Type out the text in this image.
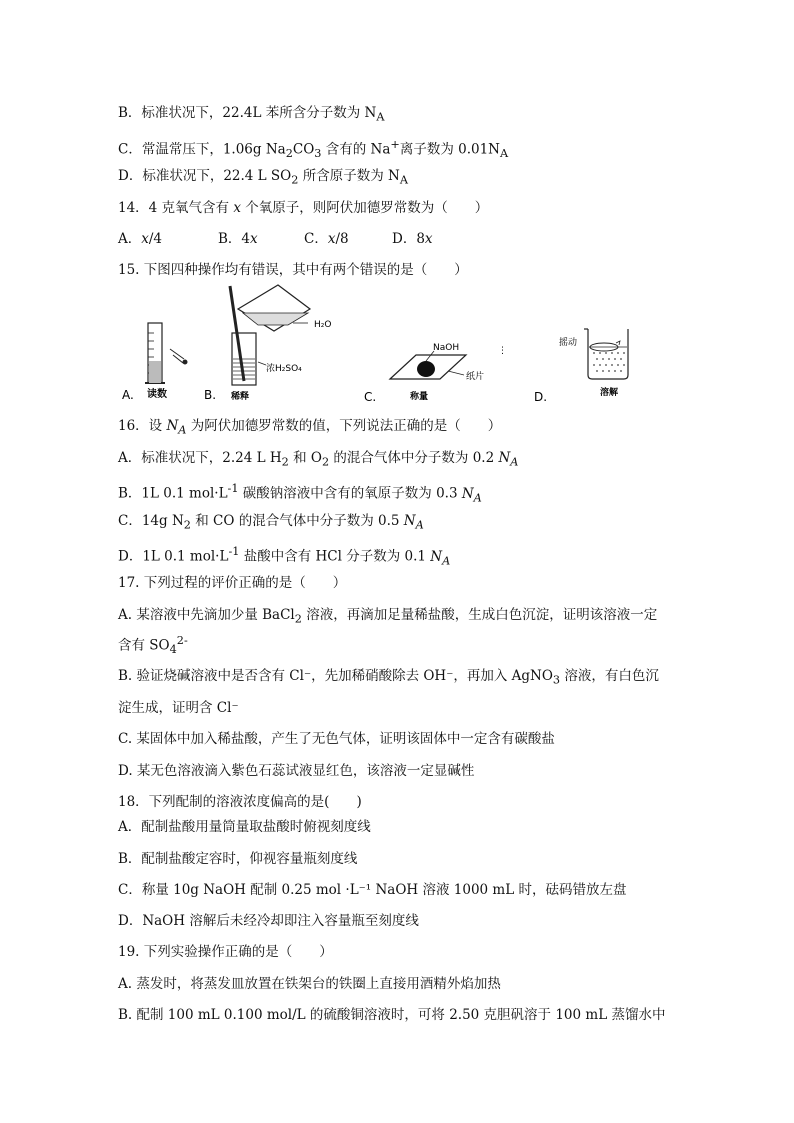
B．标准状况下，22.4L 苯所含分子数为 $N_A$
C．常温常压下，1.06g $Na_2CO_3$ 含有的 Na+离子数为 $0.01N_A$
D．标准状况下，22.4 L $SO_2$ 所含原子数为 $N_A$
14．4 克氧气含有 x 个氧原子，则阿伏加德罗常数为（　　）
15. 下图四种操作均有错误，其中有两个错误的是（　　）
16．设 $N_A$ 为阿伏加德罗常数的值，下列说法正确的是（　　）
A．标准状况下，2.24 L $H_2$ 和 $O_2$ 的混合气体中分子数为 0.2 $N_A$
B．1L 0.1 $mol\cdot L^{-1}$ 碳酸钠溶液中含有的氧原子数为 0.3 $N_A$
C．14g $N_2$ 和 CO 的混合气体中分子数为 0.5 $N_A$
D．1L 0.1 $mol\cdot L^{-1}$ 盐酸中含有 HCl 分子数为 0.1 $N_A$
17. 下列过程的评价正确的是（　　）
A. 某溶液中先滴加少量 BaCl$_2$ 溶液，再滴加足量稀盐酸，生成白色沉淀，证明该溶液一定
含有 $SO_4^{2-}$
B. 验证烧碱溶液中是否含有 Cl⁻，先加稀硝酸除去 OH⁻，再加入 AgNO$_3$ 溶液，有白色沉
淀生成，证明含 Cl⁻
C. 某固体中加入稀盐酸，产生了无色气体，证明该固体中一定含有碳酸盐
D. 某无色溶液滴入紫色石蕊试液显红色，该溶液一定显碱性
18．下列配制的溶液浓度偏高的是(　　)
A．配制盐酸用量筒量取盐酸时俯视刻度线
B．配制盐酸定容时，仰视容量瓶刻度线
C．称量 10g NaOH 配制 0.25 mol ·L⁻¹ NaOH 溶液 1000 mL 时，砝码错放左盘
D．NaOH 溶解后未经冷却即注入容量瓶至刻度线
19. 下列实验操作正确的是（　　）
A. 蒸发时，将蒸发皿放置在铁架台的铁圈上直接用酒精外焰加热
B. 配制 100 mL 0.100 mol/L 的硫酸铜溶液时，可将 2.50 克胆矾溶于 100 mL 蒸馏水中
A．x/4	B．4x	C．x/8	D．8x
A. 读数
H₂O
浓H₂SO₄
B. 稀释
NaOH
纸片
C.	称量
⋮
摇动
D.	溶解
